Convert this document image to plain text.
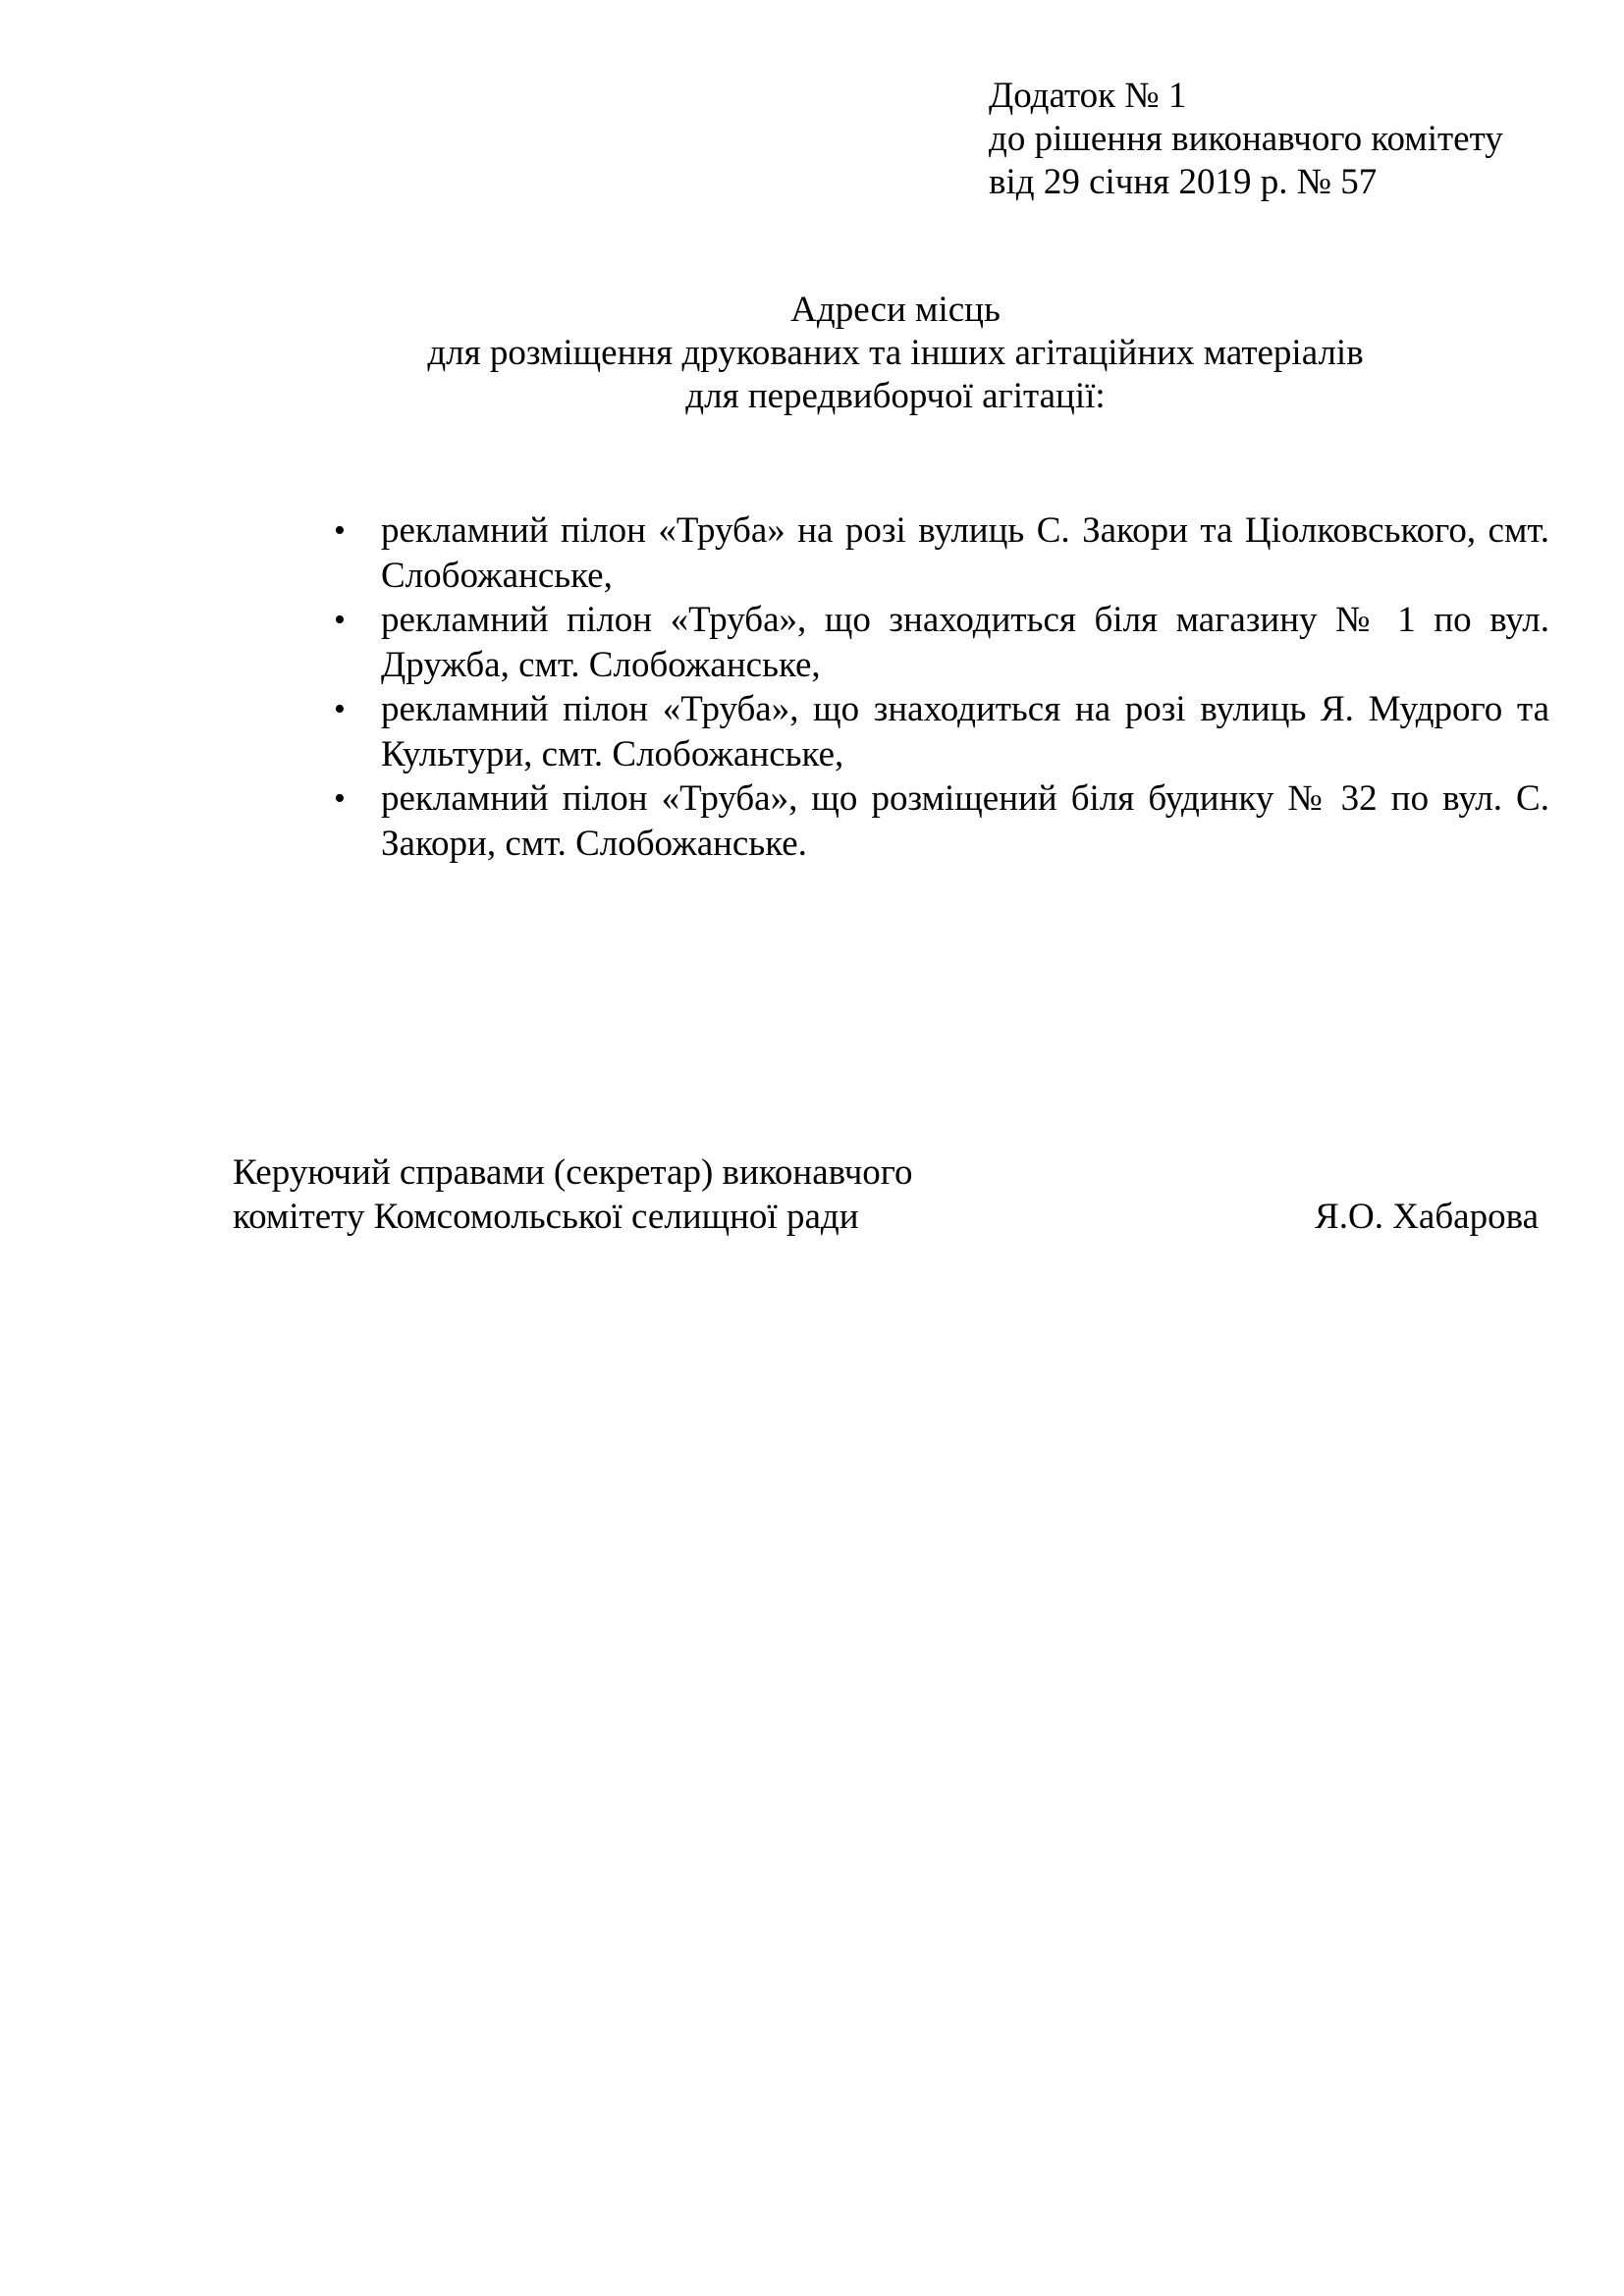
Додаток № 1
до рішення виконавчого комітету
від 29 січня 2019 р. № 57
Адреси місць
для розміщення друкованих та інших агітаційних матеріалів
для передвиборчої агітації:
• рекламний пілон «Труба» на розі вулиць С. Закори та Ціолковського, смт. Слобожанське,
• рекламний пілон «Труба», що знаходиться біля магазину № 1 по вул. Дружба, смт. Слобожанське,
• рекламний пілон «Труба», що знаходиться на розі вулиць Я. Мудрого та Культури, смт. Слобожанське,
• рекламний пілон «Труба», що розміщений біля будинку № 32 по вул. С. Закори, смт. Слобожанське.
Керуючий справами (секретар) виконавчого
комітету Комсомольської селищної ради	Я.О. Хабарова
